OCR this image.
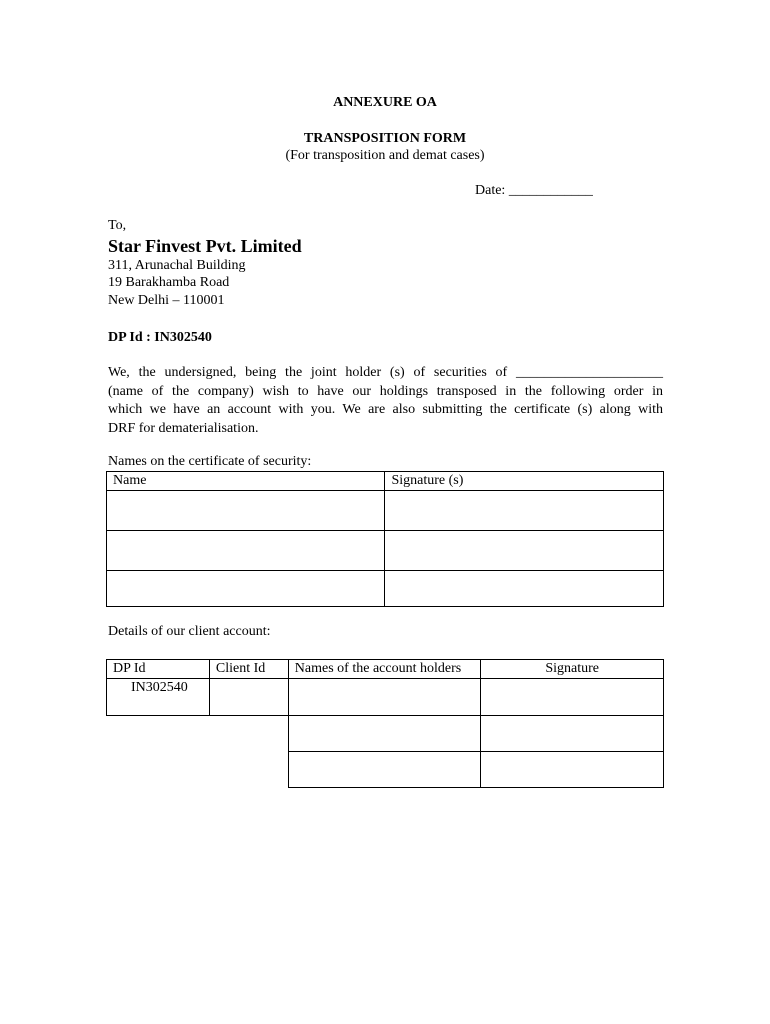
ANNEXURE OA
TRANSPOSITION FORM
(For transposition and demat cases)
Date: ____________
To,
Star Finvest Pvt. Limited
311, Arunachal Building
19 Barakhamba Road
New Delhi – 110001
DP Id : IN302540
We, the undersigned, being the joint holder (s) of securities of _____________________
(name of the company) wish to have our holdings transposed in the following order in
which we have an account with you. We are also submitting the certificate (s) along with
DRF for dematerialisation.
Names on the certificate of security:
Name	Signature (s)

Details of our client account:
DP Id	Client Id	Names of the account holders	Signature
IN302540			
